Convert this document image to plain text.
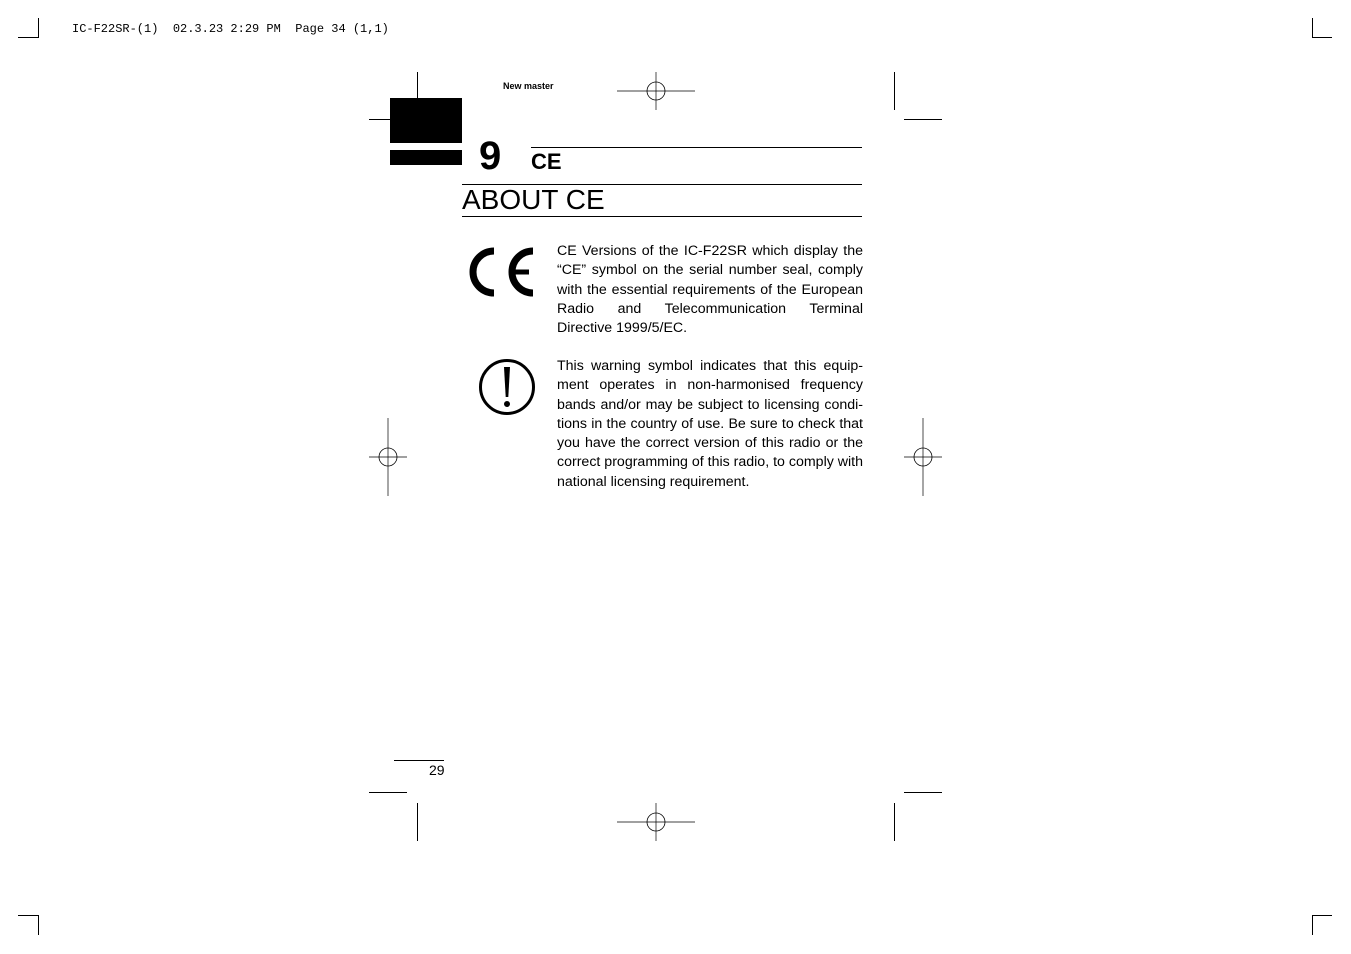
IC-F22SR-(1)  02.3.23 2:29 PM  Page 34 (1,1)
New master
9 CE
ABOUT CE
CE Versions of the IC-F22SR which display the “CE” symbol on the serial number seal, comply with the essential requirements of the European Radio and Telecommunication Terminal Directive 1999/5/EC.
This warning symbol indicates that this equipment operates in non-harmonised frequency bands and/or may be subject to licensing conditions in the country of use. Be sure to check that you have the correct version of this radio or the correct programming of this radio, to comply with national licensing requirement.
29
